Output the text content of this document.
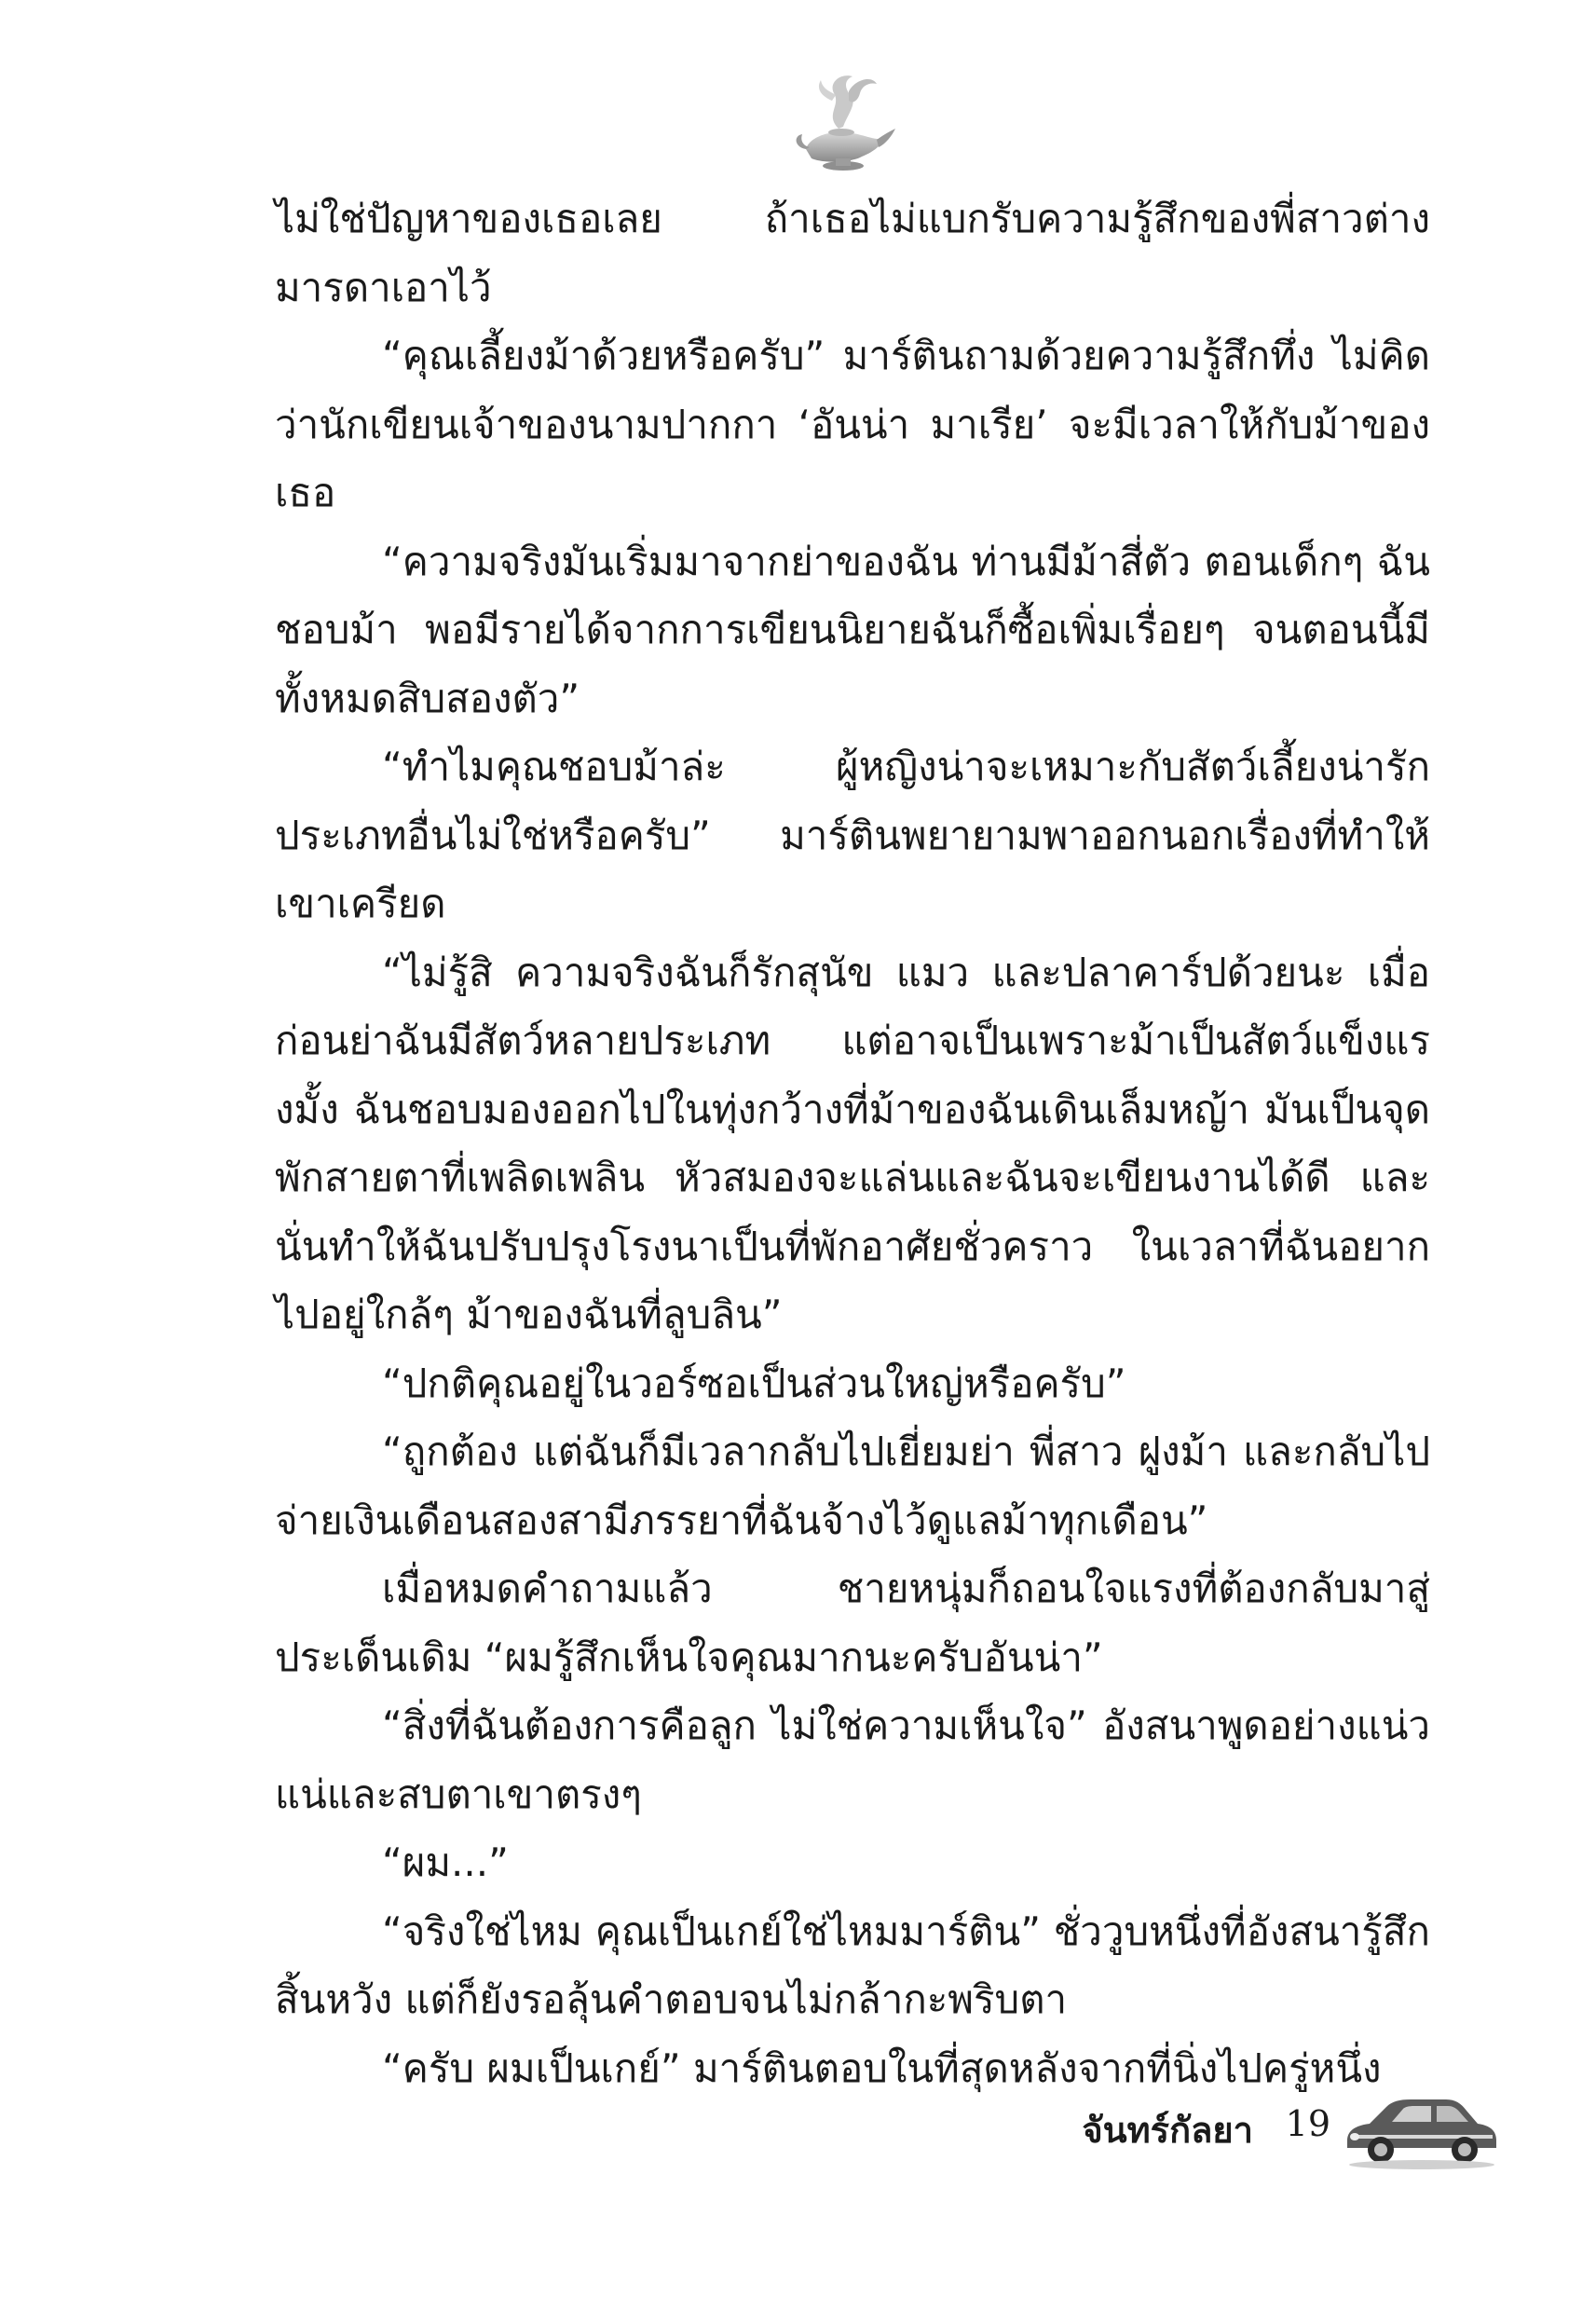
ไม่ใช่ปัญหาของเธอเลย ถ้าเธอไม่แบกรับความรู้สึกของพี่สาวต่างมารดาเอาไว้

“คุณเลี้ยงม้าด้วยหรือครับ” มาร์ตินถามด้วยความรู้สึกทึ่ง ไม่คิดว่านักเขียนเจ้าของนามปากกา ‘อันน่า มาเรีย’ จะมีเวลาให้กับม้าของเธอ

“ความจริงมันเริ่มมาจากย่าของฉัน ท่านมีม้าสี่ตัว ตอนเด็กๆ ฉันชอบม้า พอมีรายได้จากการเขียนนิยายฉันก็ซื้อเพิ่มเรื่อยๆ จนตอนนี้มีทั้งหมดสิบสองตัว”

“ทำไมคุณชอบม้าล่ะ ผู้หญิงน่าจะเหมาะกับสัตว์เลี้ยงน่ารักประเภทอื่นไม่ใช่หรือครับ” มาร์ตินพยายามพาออกนอกเรื่องที่ทำให้เขาเครียด

“ไม่รู้สิ ความจริงฉันก็รักสุนัข แมว และปลาคาร์ปด้วยนะ เมื่อก่อนย่าฉันมีสัตว์หลายประเภท แต่อาจเป็นเพราะม้าเป็นสัตว์แข็งแรงมั้ง ฉันชอบมองออกไปในทุ่งกว้างที่ม้าของฉันเดินเล็มหญ้า มันเป็นจุดพักสายตาที่เพลิดเพลิน หัวสมองจะแล่นและฉันจะเขียนงานได้ดี และนั่นทำให้ฉันปรับปรุงโรงนาเป็นที่พักอาศัยชั่วคราว ในเวลาที่ฉันอยากไปอยู่ใกล้ๆ ม้าของฉันที่ลูบลิน”

“ปกติคุณอยู่ในวอร์ซอเป็นส่วนใหญ่หรือครับ”

“ถูกต้อง แต่ฉันก็มีเวลากลับไปเยี่ยมย่า พี่สาว ฝูงม้า และกลับไปจ่ายเงินเดือนสองสามีภรรยาที่ฉันจ้างไว้ดูแลม้าทุกเดือน”

เมื่อหมดคำถามแล้ว ชายหนุ่มก็ถอนใจแรงที่ต้องกลับมาสู่ประเด็นเดิม “ผมรู้สึกเห็นใจคุณมากนะครับอันน่า”

“สิ่งที่ฉันต้องการคือลูก ไม่ใช่ความเห็นใจ” อังสนาพูดอย่างแน่วแน่และสบตาเขาตรงๆ

“ผม...”

“จริงใช่ไหม คุณเป็นเกย์ใช่ไหมมาร์ติน” ชั่ววูบหนึ่งที่อังสนารู้สึกสิ้นหวัง แต่ก็ยังรอลุ้นคำตอบจนไม่กล้ากะพริบตา

“ครับ ผมเป็นเกย์” มาร์ตินตอบในที่สุดหลังจากที่นิ่งไปครู่หนึ่ง

จันทร์กัลยา 19
